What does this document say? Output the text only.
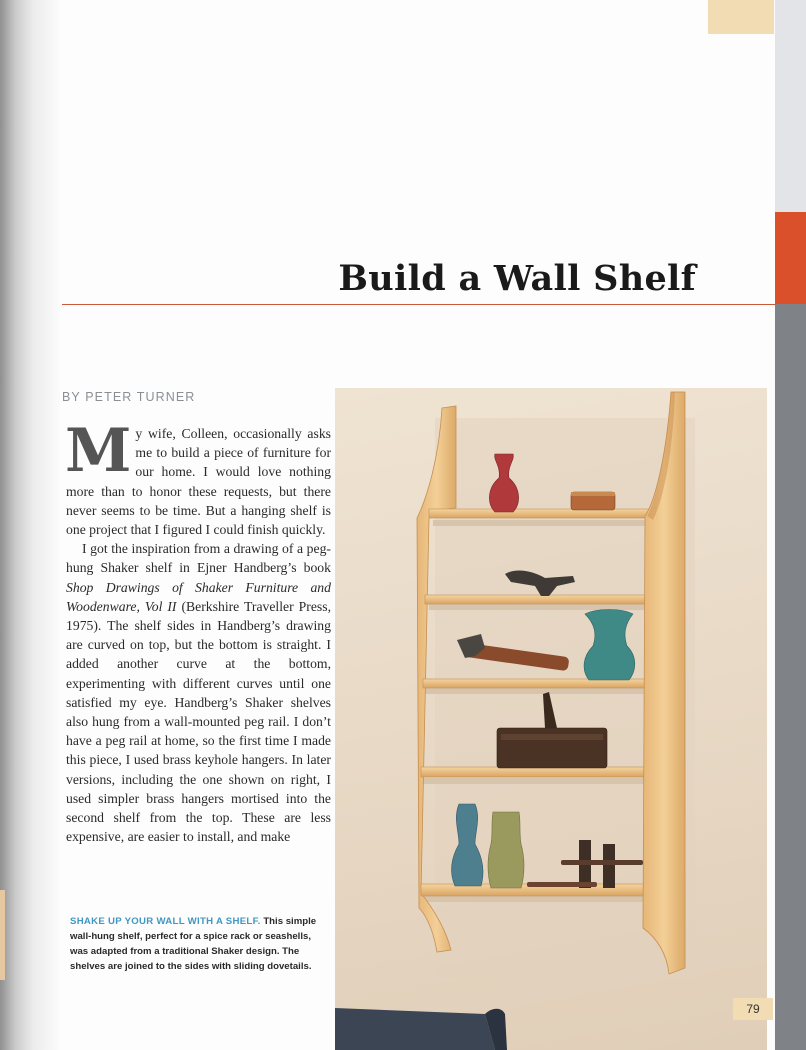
Build a Wall Shelf
BY PETER TURNER

My wife, Colleen, occasionally asks me to build a piece of furniture for our home. I would love nothing more than to honor these requests, but there never seems to be time. But a hanging shelf is one project that I figured I could finish quickly.

I got the inspiration from a drawing of a peg-hung Shaker shelf in Ejner Handberg’s book Shop Drawings of Shaker Furniture and Woodenware, Vol II (Berkshire Traveller Press, 1975). The shelf sides in Handberg’s drawing are curved on top, but the bottom is straight. I added another curve at the bottom, experimenting with different curves until one satisfied my eye. Handberg’s Shaker shelves also hung from a wall-mounted peg rail. I don’t have a peg rail at home, so the first time I made this piece, I used brass keyhole hangers. In later versions, including the one shown on right, I used simpler brass hangers mortised into the second shelf from the top. These are less expensive, are easier to install, and make

SHAKE UP YOUR WALL WITH A SHELF. This simple wall-hung shelf, perfect for a spice rack or seashells, was adapted from a traditional Shaker design. The shelves are joined to the sides with sliding dovetails.
79
